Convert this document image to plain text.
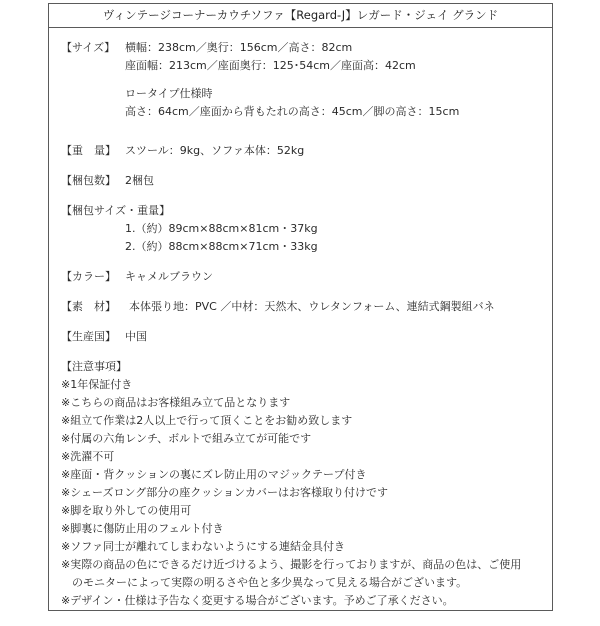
ヴィンテージコーナーカウチソファ【Regard-J】レガード・ジェイ グランド
【サイズ】 横幅：238cm／奥行：156cm／高さ：82cm
座面幅：213cm／座面奥行：125･54cm／座面高：42cm
ロータイプ仕様時
高さ：64cm／座面から背もたれの高さ：45cm／脚の高さ：15cm
【重　量】 スツール：9kg、ソファ本体：52kg
【梱包数】 2梱包
【梱包サイズ・重量】
1.（約）89cm×88cm×81cm・37kg
2.（約）88cm×88cm×71cm・33kg
【カラー】 キャメルブラウン
【素　材】 本体張り地：PVC ／中材：天然木、ウレタンフォーム、連結式鋼製組バネ
【生産国】 中国
【注意事項】
※1年保証付き
※こちらの商品はお客様組み立て品となります
※組立て作業は2人以上で行って頂くことをお勧め致します
※付属の六角レンチ、ボルトで組み立てが可能です
※洗濯不可
※座面・背クッションの裏にズレ防止用のマジックテープ付き
※シェーズロング部分の座クッションカバーはお客様取り付けです
※脚を取り外しての使用可
※脚裏に傷防止用のフェルト付き
※ソファ同士が離れてしまわないようにする連結金具付き
※実際の商品の色にできるだけ近づけるよう、撮影を行っておりますが、商品の色は、ご使用
　のモニターによって実際の明るさや色と多少異なって見える場合がございます。
※デザイン・仕様は予告なく変更する場合がございます。予めご了承ください。
